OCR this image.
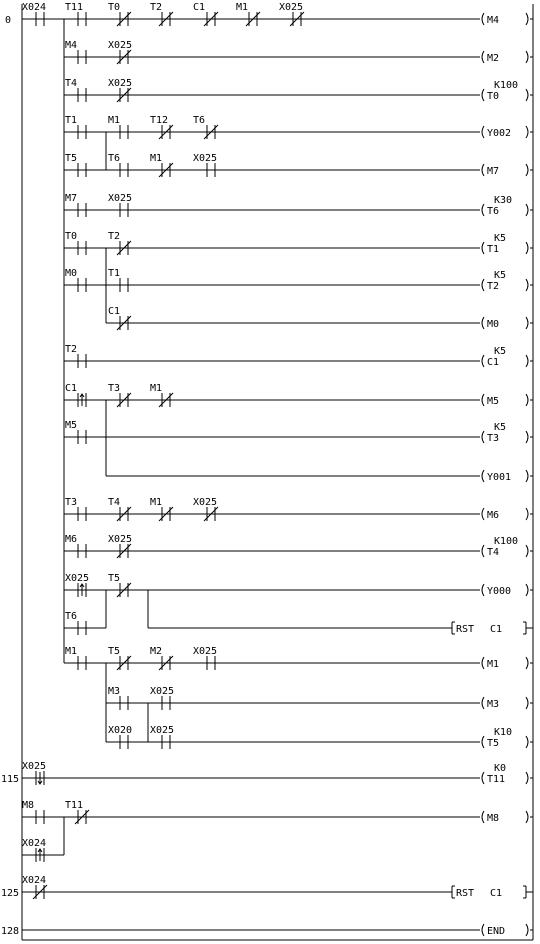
0
115
125
128
X024 T11 T0	T2	C1	M1	X025
M4	X025
T4	X025
T1	M1	T12 T6
T5	T6	M1	X025
M7	X025
T0	T2
M0	T1
C1
T2
C1	T3	M1
M5
T3	T4	M1	X025
M6	X025
X025 T5
T6
M1	T5	M2	X025
M3	X025
X020 X025
X025
M8	T11
X024
X024
M4
M2
T0
K100
Y002
M7
T6
K30
T1
K5
T2
K5
M0
C1
K5
M5
T3
K5
Y001
M6
T4
K100
Y000
M1
M3
T5
K10
T11
K0
M8
END
RST C1
RST C1
